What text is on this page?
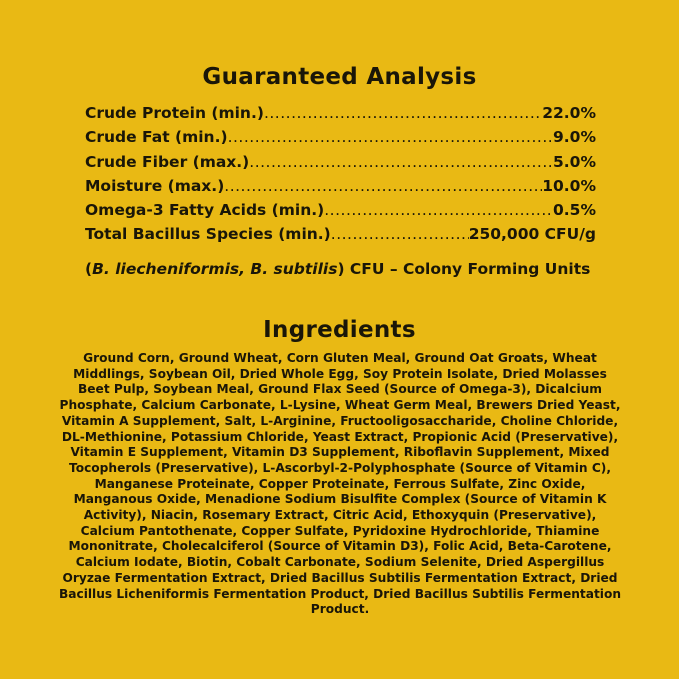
Guaranteed Analysis
Crude Protein (min.) .....	22.0%
Crude Fat (min.) .....	9.0%
Crude Fiber (max.) .....	5.0%
Moisture (max.) .....	10.0%
Omega-3 Fatty Acids (min.) .....	0.5%
Total Bacillus Species (min.) .....	250,000 CFU/g

(B. liecheniformis, B. subtilis) CFU – Colony Forming Units

Ingredients

Ground Corn, Ground Wheat, Corn Gluten Meal, Ground Oat Groats, Wheat Middlings, Soybean Oil, Dried Whole Egg, Soy Protein Isolate, Dried Molasses Beet Pulp, Soybean Meal, Ground Flax Seed (Source of Omega-3), Dicalcium Phosphate, Calcium Carbonate, L-Lysine, Wheat Germ Meal, Brewers Dried Yeast, Vitamin A Supplement, Salt, L-Arginine, Fructooligosaccharide, Choline Chloride, DL-Methionine, Potassium Chloride, Yeast Extract, Propionic Acid (Preservative), Vitamin E Supplement, Vitamin D3 Supplement, Riboflavin Supplement, Mixed Tocopherols (Preservative), L-Ascorbyl-2-Polyphosphate (Source of Vitamin C), Manganese Proteinate, Copper Proteinate, Ferrous Sulfate, Zinc Oxide, Manganous Oxide, Menadione Sodium Bisulfite Complex (Source of Vitamin K Activity), Niacin, Rosemary Extract, Citric Acid, Ethoxyquin (Preservative), Calcium Pantothenate, Copper Sulfate, Pyridoxine Hydrochloride, Thiamine Mononitrate, Cholecalciferol (Source of Vitamin D3), Folic Acid, Beta-Carotene, Calcium Iodate, Biotin, Cobalt Carbonate, Sodium Selenite, Dried Aspergillus Oryzae Fermentation Extract, Dried Bacillus Subtilis Fermentation Extract, Dried Bacillus Licheniformis Fermentation Product, Dried Bacillus Subtilis Fermentation Product.
